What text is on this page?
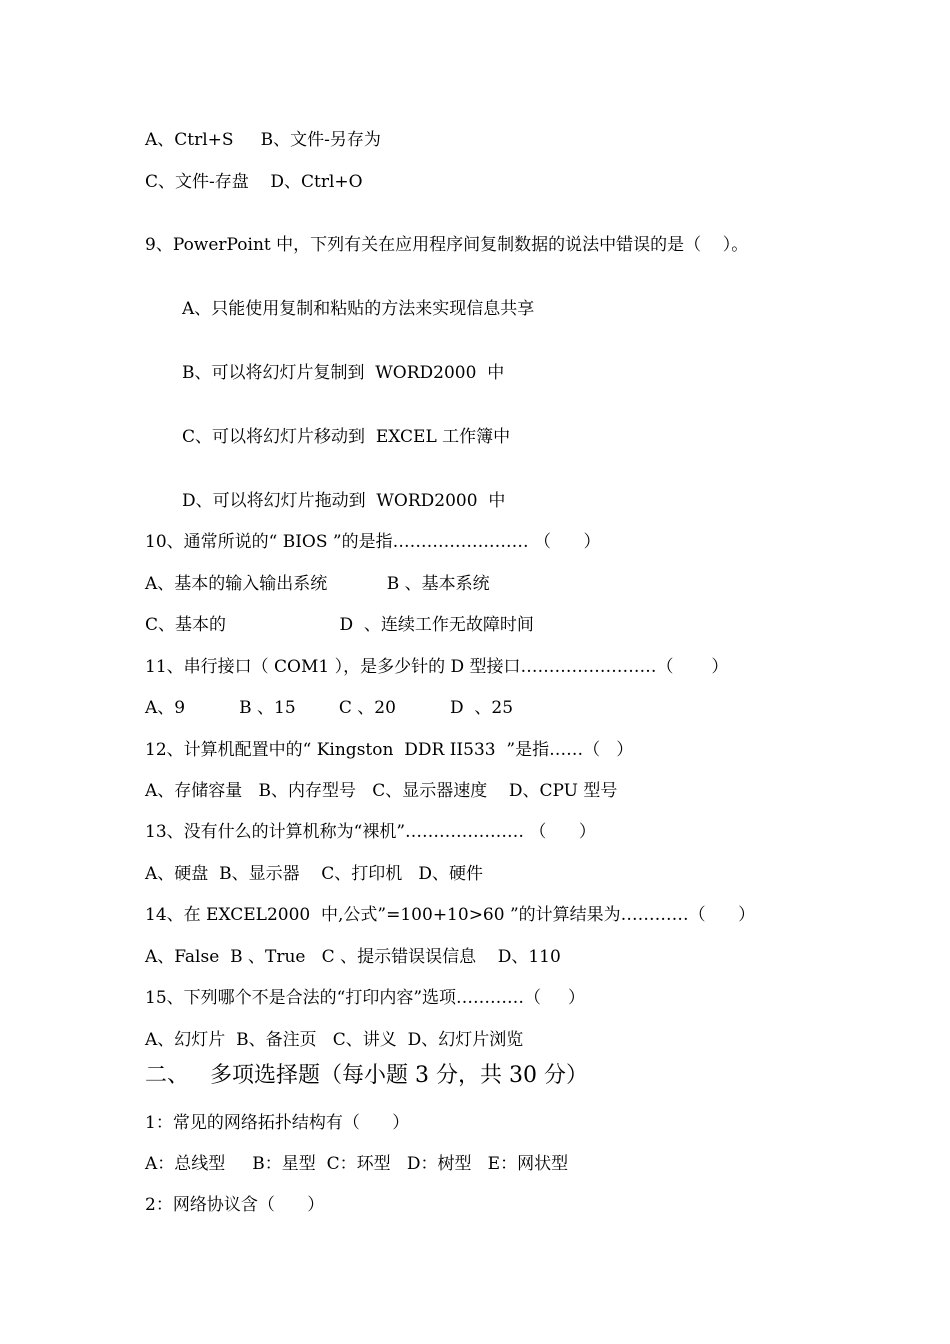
A、Ctrl+S     B、文件-另存为
C、文件-存盘    D、Ctrl+O
9、PowerPoint 中，下列有关在应用程序间复制数据的说法中错误的是（    ）。
A、只能使用复制和粘贴的方法来实现信息共享
B、可以将幻灯片复制到  WORD2000  中
C、可以将幻灯片移动到  EXCEL 工作簿中
D、可以将幻灯片拖动到  WORD2000  中
10、通常所说的“ BIOS ”的是指…………………… （      ）
A、基本的输入输出系统           B 、基本系统
C、基本的                     D  、连续工作无故障时间
11、串行接口（ COM1 ），是多少针的 D 型接口……………………（       ）
A、9          B 、15        C 、20          D  、25
12、计算机配置中的“ Kingston  DDR II533  ”是指……（   ）
A、存储容量   B、内存型号   C、显示器速度    D、CPU 型号
13、没有什么的计算机称为“裸机”………………… （      ）
A、硬盘  B、显示器    C、打印机   D、硬件
14、在 EXCEL2000  中,公式”=100+10>60 ”的计算结果为…………（      ）
A、False  B 、True   C 、提示错误误信息    D、110
15、下列哪个不是合法的“打印内容”选项…………（     ）
A、幻灯片  B、备注页   C、讲义  D、幻灯片浏览
二、   多项选择题（每小题 3 分，共 30 分）
1：常见的网络拓扑结构有（      ）
A：总线型     B：星型  C：环型   D：树型   E：网状型
2：网络协议含（      ）
